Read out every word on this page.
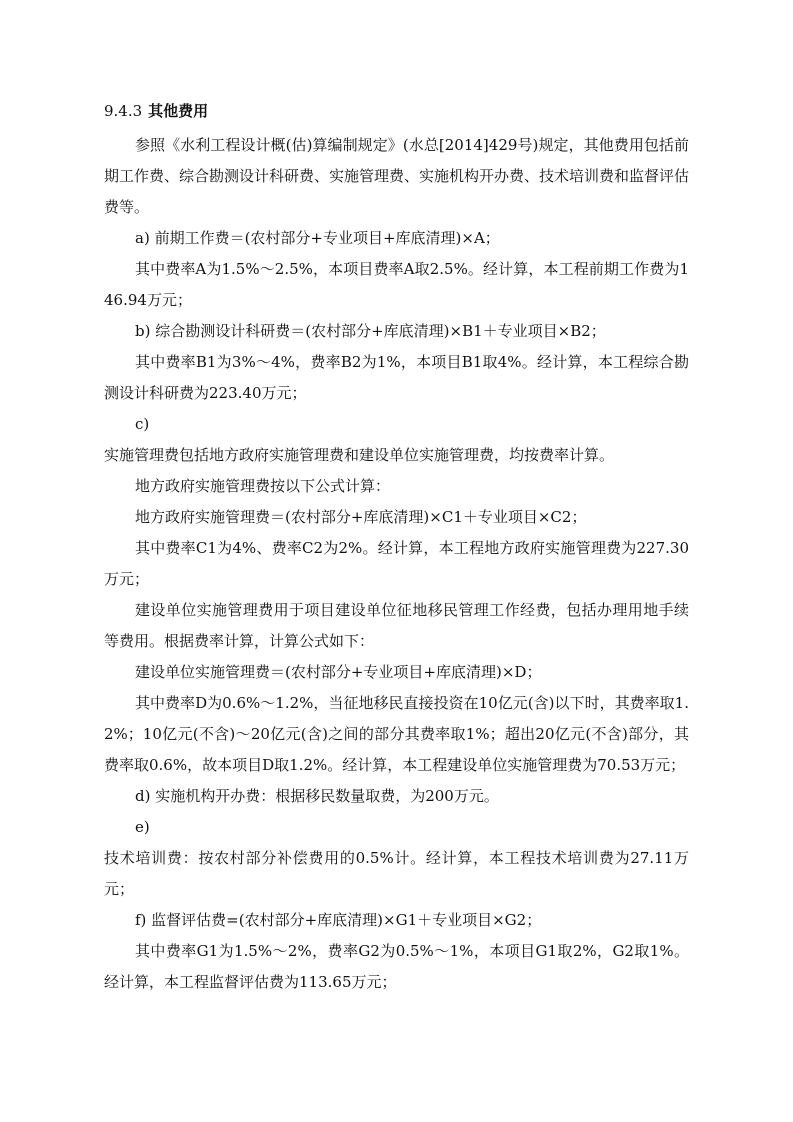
9.4.3 其他费用

参照《水利工程设计概(估)算编制规定》(水总[2014]429号)规定，其他费用包括前期工作费、综合勘测设计科研费、实施管理费、实施机构开办费、技术培训费和监督评估费等。

a) 前期工作费＝(农村部分+专业项目+库底清理)×A；

其中费率A为1.5%～2.5%，本项目费率A取2.5%。经计算，本工程前期工作费为146.94万元；

b) 综合勘测设计科研费＝(农村部分+库底清理)×B1＋专业项目×B2；

其中费率B1为3%～4%，费率B2为1%，本项目B1取4%。经计算，本工程综合勘测设计科研费为223.40万元；

c)

实施管理费包括地方政府实施管理费和建设单位实施管理费，均按费率计算。

地方政府实施管理费按以下公式计算：

地方政府实施管理费＝(农村部分+库底清理)×C1＋专业项目×C2；

其中费率C1为4%、费率C2为2%。经计算，本工程地方政府实施管理费为227.30万元；

建设单位实施管理费用于项目建设单位征地移民管理工作经费，包括办理用地手续等费用。根据费率计算，计算公式如下：

建设单位实施管理费＝(农村部分+专业项目+库底清理)×D；

其中费率D为0.6%～1.2%，当征地移民直接投资在10亿元(含)以下时，其费率取1.2%；10亿元(不含)～20亿元(含)之间的部分其费率取1%；超出20亿元(不含)部分，其费率取0.6%，故本项目D取1.2%。经计算，本工程建设单位实施管理费为70.53万元；

d) 实施机构开办费：根据移民数量取费，为200万元。

e)

技术培训费：按农村部分补偿费用的0.5%计。经计算，本工程技术培训费为27.11万元；

f) 监督评估费=(农村部分+库底清理)×G1＋专业项目×G2；

其中费率G1为1.5%～2%，费率G2为0.5%～1%，本项目G1取2%，G2取1%。经计算，本工程监督评估费为113.65万元；
